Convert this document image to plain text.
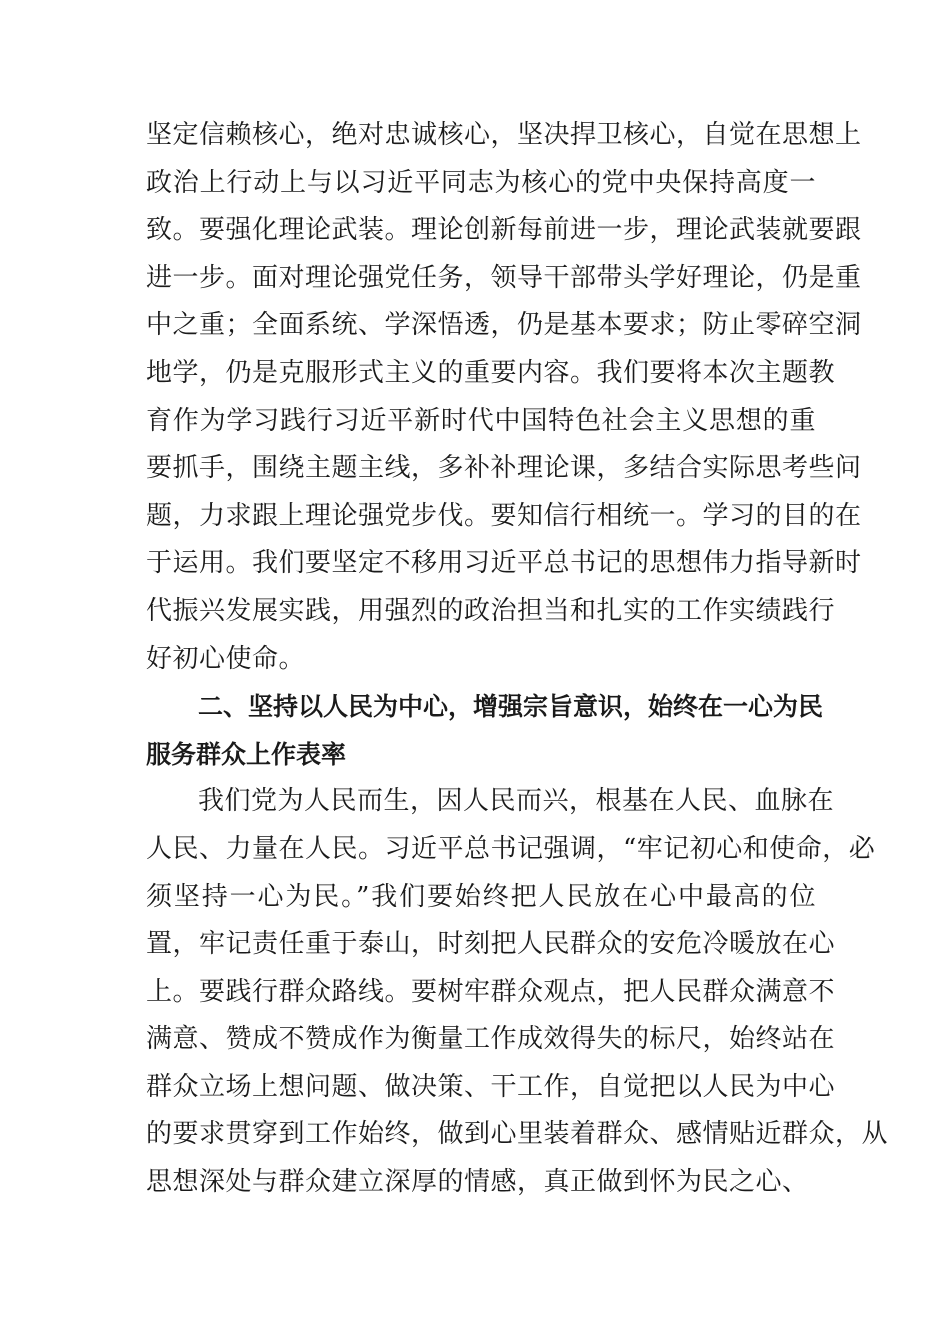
坚定信赖核心，绝对忠诚核心，坚决捍卫核心，自觉在思想上
政治上行动上与以习近平同志为核心的党中央保持高度一
致。要强化理论武装。理论创新每前进一步，理论武装就要跟
进一步。面对理论强党任务，领导干部带头学好理论，仍是重
中之重；全面系统、学深悟透，仍是基本要求；防止零碎空洞
地学，仍是克服形式主义的重要内容。我们要将本次主题教
育作为学习践行习近平新时代中国特色社会主义思想的重
要抓手，围绕主题主线，多补补理论课，多结合实际思考些问
题，力求跟上理论强党步伐。要知信行相统一。学习的目的在
于运用。我们要坚定不移用习近平总书记的思想伟力指导新时
代振兴发展实践，用强烈的政治担当和扎实的工作实绩践行
好初心使命。
二、坚持以人民为中心，增强宗旨意识，始终在一心为民
服务群众上作表率
我们党为人民而生，因人民而兴，根基在人民、血脉在
人民、力量在人民。习近平总书记强调，“牢记初心和使命，必
须坚持一心为民。”我们要始终把人民放在心中最高的位
置，牢记责任重于泰山，时刻把人民群众的安危冷暖放在心
上。要践行群众路线。要树牢群众观点，把人民群众满意不
满意、赞成不赞成作为衡量工作成效得失的标尺，始终站在
群众立场上想问题、做决策、干工作，自觉把以人民为中心
的要求贯穿到工作始终，做到心里装着群众、感情贴近群众，从
思想深处与群众建立深厚的情感，真正做到怀为民之心、
